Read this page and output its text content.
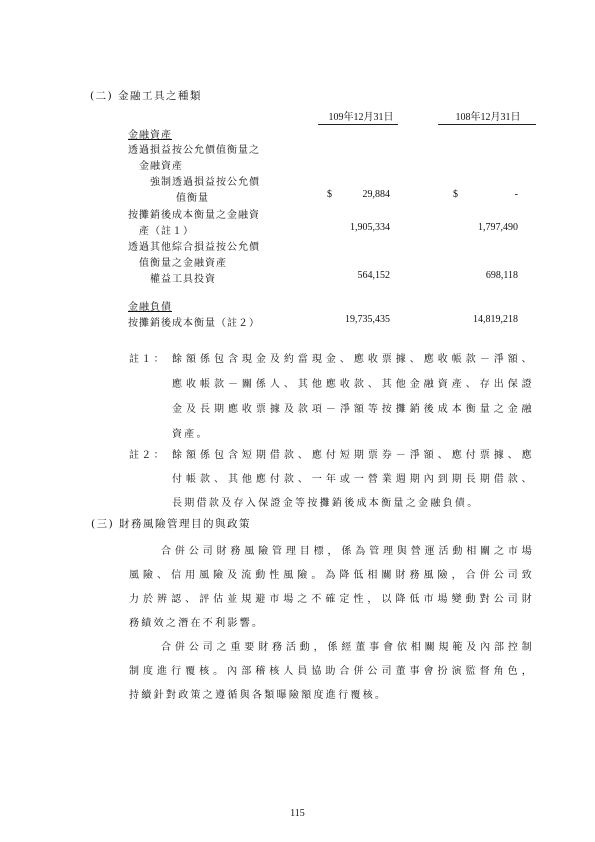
(二) 金融工具之種類
109年12月31日	108年12月31日
金融資產
透過損益按公允價值衡量之
金融資產
強制透過損益按公允價
值衡量	$	29,884	$	-
按攤銷後成本衡量之金融資
產（註１）	1,905,334	1,797,490
透過其他綜合損益按公允價
值衡量之金融資產
權益工具投資	564,152	698,118
金融負債
按攤銷後成本衡量（註２）	19,735,435	14,819,218
註１： 餘額係包含現金及約當現金、應收票據、應收帳款－淨額、
應收帳款－關係人、其他應收款、其他金融資產、存出保證
金及長期應收票據及款項－淨額等按攤銷後成本衡量之金融
資產。
註２： 餘額係包含短期借款、應付短期票券－淨額、應付票據、應
付帳款、其他應付款、一年或一營業週期內到期長期借款、
長期借款及存入保證金等按攤銷後成本衡量之金融負債。
(三) 財務風險管理目的與政策
合併公司財務風險管理目標，係為管理與營運活動相關之市場
風險、信用風險及流動性風險。為降低相關財務風險，合併公司致
力於辨認、評估並規避市場之不確定性，以降低市場變動對公司財
務績效之潛在不利影響。
合併公司之重要財務活動，係經董事會依相關規範及內部控制
制度進行覆核。內部稽核人員協助合併公司董事會扮演監督角色，
持續針對政策之遵循與各類曝險額度進行覆核。
115
